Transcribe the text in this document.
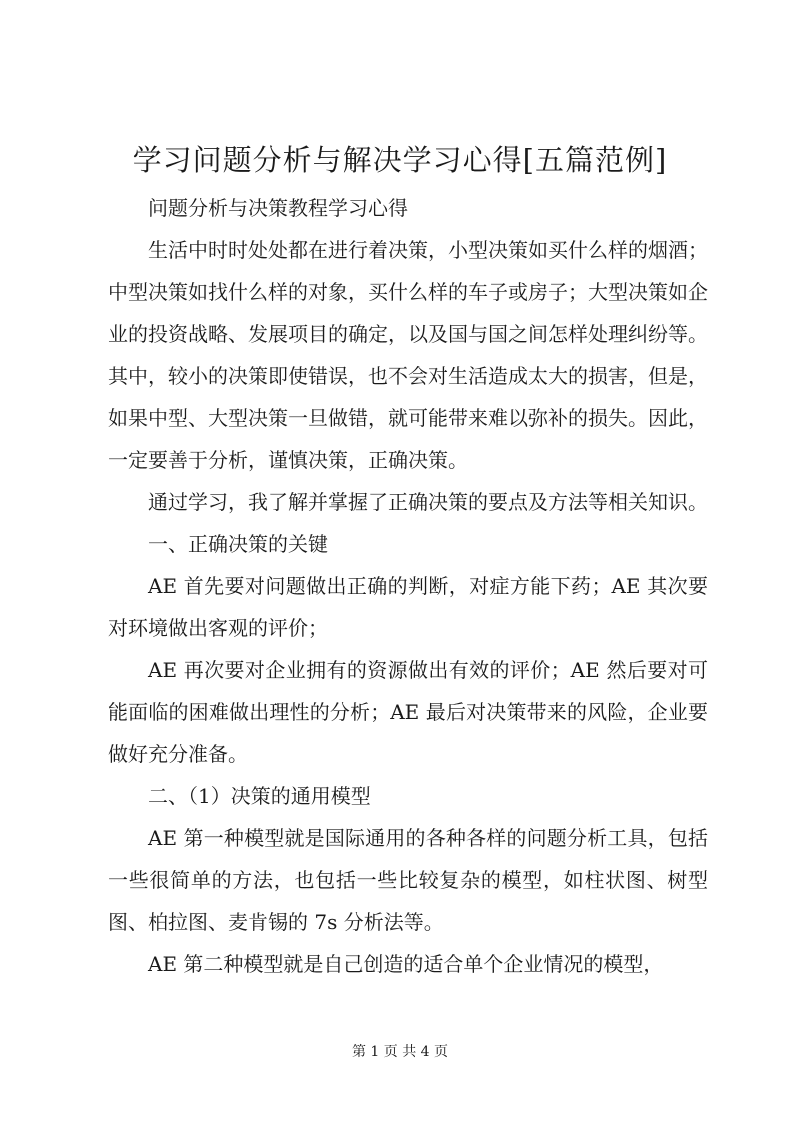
学习问题分析与解决学习心得[五篇范例]

问题分析与决策教程学习心得

生活中时时处处都在进行着决策，小型决策如买什么样的烟酒；中型决策如找什么样的对象，买什么样的车子或房子；大型决策如企业的投资战略、发展项目的确定，以及国与国之间怎样处理纠纷等。其中，较小的决策即使错误，也不会对生活造成太大的损害，但是，如果中型、大型决策一旦做错，就可能带来难以弥补的损失。因此，一定要善于分析，谨慎决策，正确决策。

通过学习，我了解并掌握了正确决策的要点及方法等相关知识。

一、正确决策的关键

AE 首先要对问题做出正确的判断，对症方能下药；AE 其次要对环境做出客观的评价；

AE 再次要对企业拥有的资源做出有效的评价；AE 然后要对可能面临的困难做出理性的分析；AE 最后对决策带来的风险，企业要做好充分准备。

二、（1）决策的通用模型

AE 第一种模型就是国际通用的各种各样的问题分析工具，包括一些很简单的方法，也包括一些比较复杂的模型，如柱状图、树型图、柏拉图、麦肯锡的 7s 分析法等。

AE 第二种模型就是自己创造的适合单个企业情况的模型，

第 1 页 共 4 页
